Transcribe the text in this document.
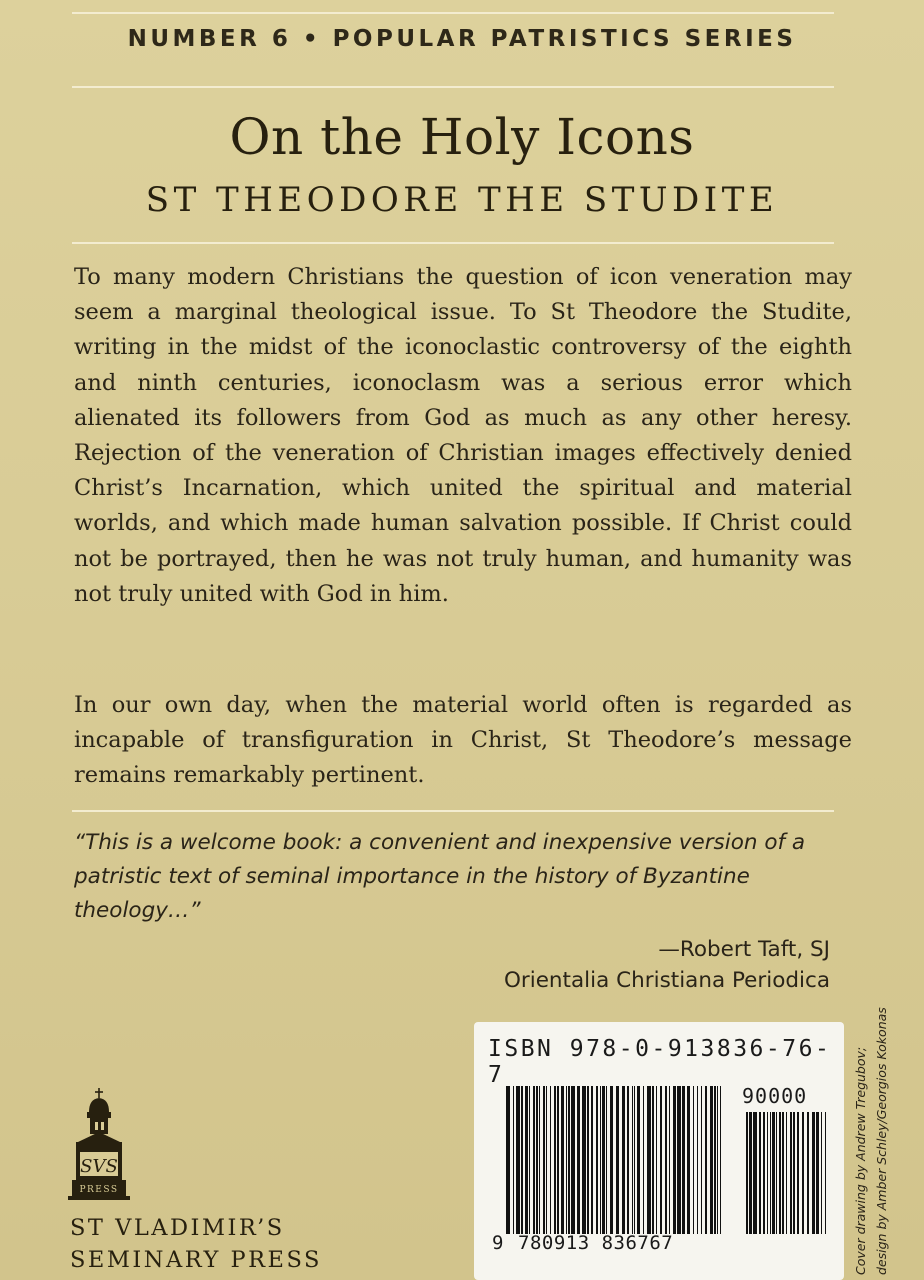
NUMBER 6 • POPULAR PATRISTICS SERIES
On the Holy Icons
ST THEODORE THE STUDITE

To many modern Christians the question of icon veneration may seem a marginal theological issue. To St Theodore the Studite, writing in the midst of the iconoclastic controversy of the eighth and ninth centuries, iconoclasm was a serious error which alienated its followers from God as much as any other heresy. Rejection of the veneration of Christian images effectively denied Christ’s Incarnation, which united the spiritual and material worlds, and which made human salvation possible. If Christ could not be portrayed, then he was not truly human, and humanity was not truly united with God in him.

In our own day, when the material world often is regarded as incapable of transfiguration in Christ, St Theodore’s message remains remarkably pertinent.

“This is a welcome book: a convenient and inexpensive version of a patristic text of seminal importance in the history of Byzantine theology…”

—Robert Taft, SJ
Orientalia Christiana Periodica
Cover drawing by Andrew Tregubov; design by Amber Schley/Georgios Kokonas
ISBN 978-0-913836-76-7
90000
9 780913 836767
SVS
PRESS
ST VLADIMIR’S
SEMINARY PRESS
